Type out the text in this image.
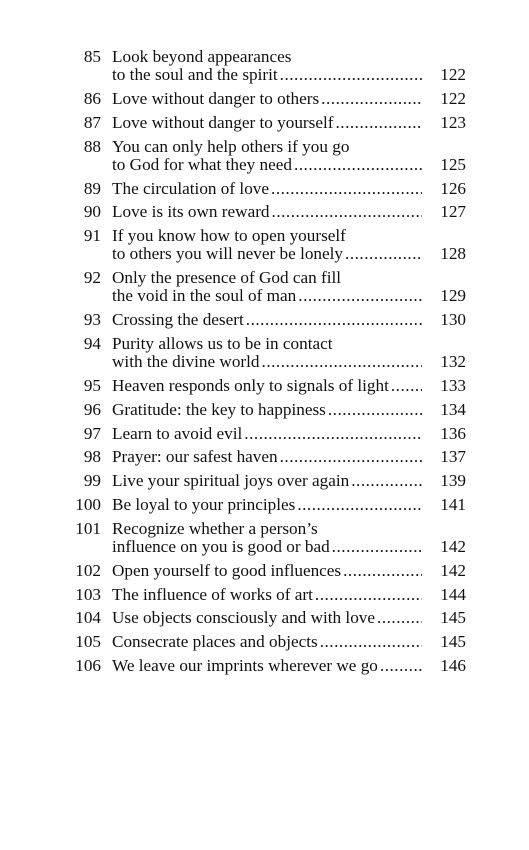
85 Look beyond appearances
to the soul and the spirit .....	122
86 Love without danger to others .....	122
87 Love without danger to yourself .....	123
88 You can only help others if you go
to God for what they need .....	125
89 The circulation of love .....	126
90 Love is its own reward .....	127
91 If you know how to open yourself
to others you will never be lonely .....	128
92 Only the presence of God can fill
the void in the soul of man .....	129
93 Crossing the desert .....	130
94 Purity allows us to be in contact
with the divine world .....	132
95 Heaven responds only to signals of light .....	133
96 Gratitude: the key to happiness .....	134
97 Learn to avoid evil .....	136
98 Prayer: our safest haven .....	137
99 Live your spiritual joys over again .....	139
100 Be loyal to your principles .....	141
101 Recognize whether a person’s
influence on you is good or bad .....	142
102 Open yourself to good influences .....	142
103 The influence of works of art .....	144
104 Use objects consciously and with love .....	145
105 Consecrate places and objects .....	145
106 We leave our imprints wherever we go .....	146
